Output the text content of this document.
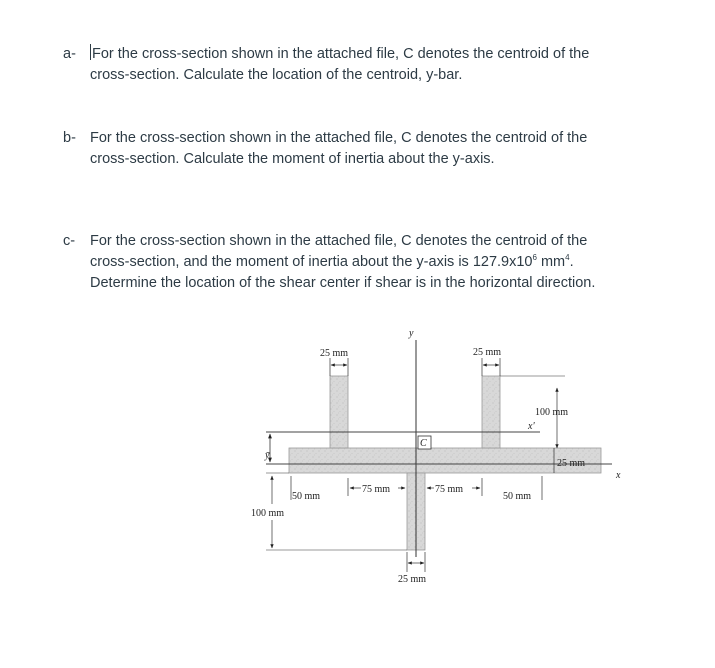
a- For the cross-section shown in the attached file, C denotes the centroid of the
cross-section. Calculate the location of the centroid, y-bar.
b- For the cross-section shown in the attached file, C denotes the centroid of the
cross-section. Calculate the moment of inertia about the y-axis.
c- For the cross-section shown in the attached file, C denotes the centroid of the
cross-section, and the moment of inertia about the y-axis is $127.9x10^6$ $mm^4$.
Determine the location of the shear center if shear is in the horizontal direction.
y
x
x'
C
ȳ
25 mm	25 mm
100 mm
25 mm
50 mm	50 mm
75 mm	75 mm
100 mm
25 mm
